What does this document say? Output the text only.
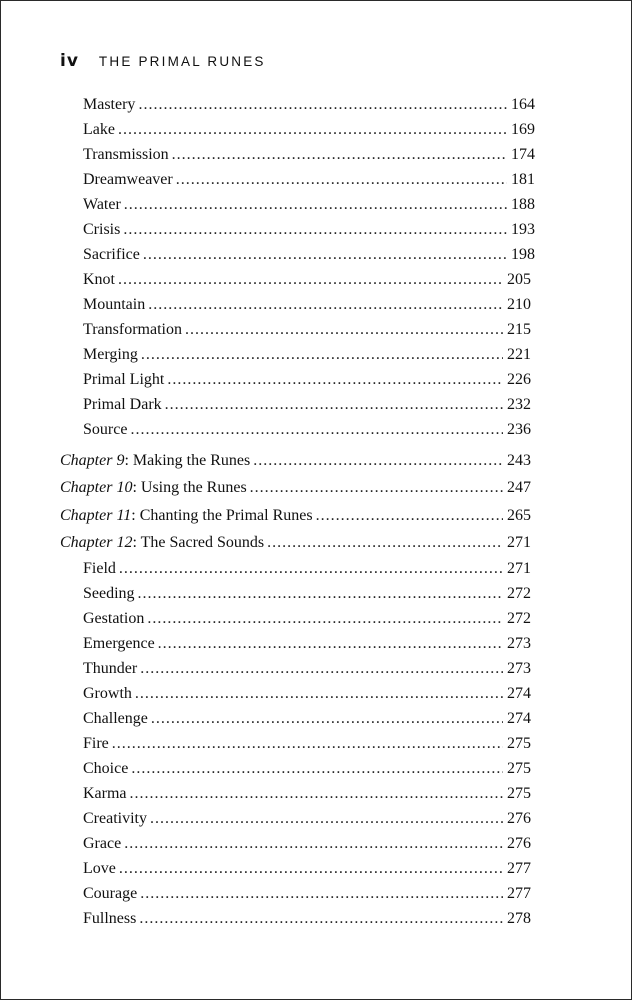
iv THE PRIMAL RUNES
Mastery . . .	164
Lake . . .	169
Transmission . . .	174
Dreamweaver . . .	181
Water . . .	188
Crisis . . .	193
Sacrifice . . .	198
Knot . . .	205
Mountain . . .	210
Transformation . . .	215
Merging . . .	221
Primal Light . . .	226
Primal Dark . . .	232
Source . . .	236
Chapter 9: Making the Runes . . .	243
Chapter 10: Using the Runes . . .	247
Chapter 11: Chanting the Primal Runes . . .	265
Chapter 12: The Sacred Sounds . . .	271
Field . . .	271
Seeding . . .	272
Gestation . . .	272
Emergence . . .	273
Thunder . . .	273
Growth . . .	274
Challenge . . .	274
Fire . . .	275
Choice . . .	275
Karma . . .	275
Creativity . . .	276
Grace . . .	276
Love . . .	277
Courage . . .	277
Fullness . . .	278
